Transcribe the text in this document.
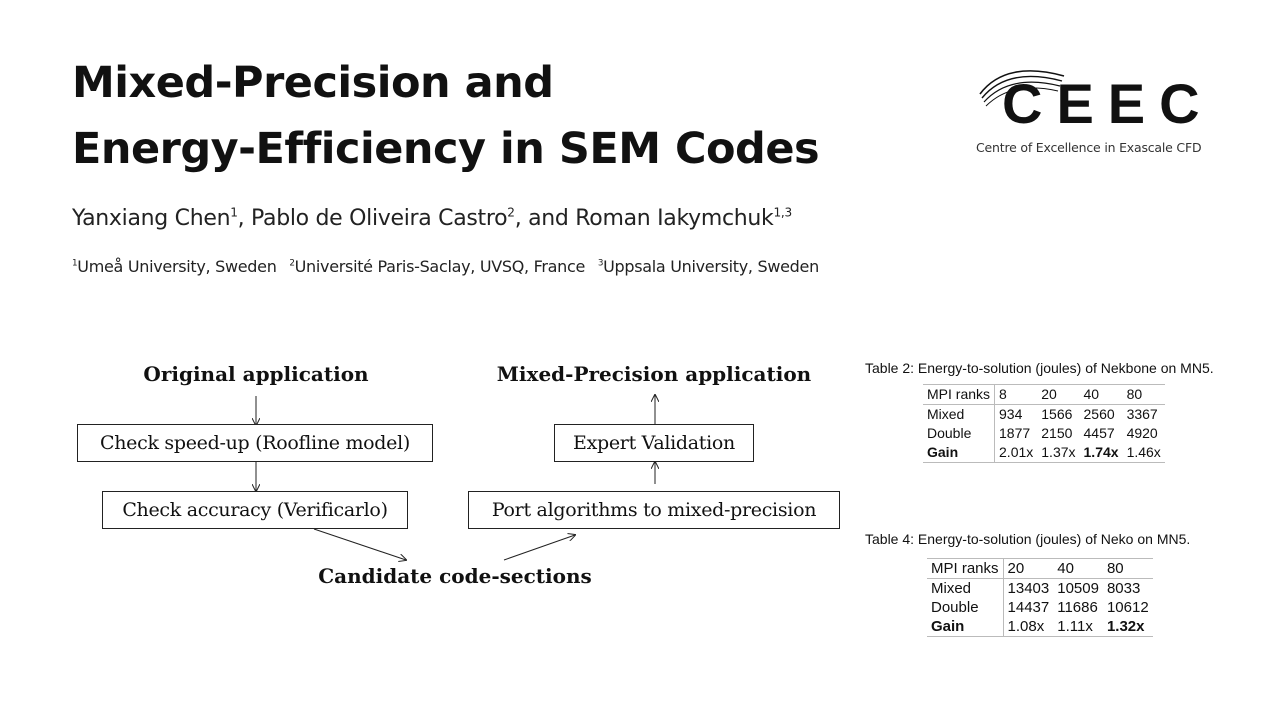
Mixed-Precision and
Energy-Efficiency in SEM Codes
CEEC
Centre of Excellence in Exascale CFD
Yanxiang Chen$^1$, Pablo de Oliveira Castro$^2$, and Roman Iakymchuk$^{1,3}$
$^1$Umeå University, Sweden $^2$Université Paris-Saclay, UVSQ, France $^3$Uppsala University, Sweden
Original application	Mixed-Precision application
Check speed-up (Roofline model)
Check accuracy (Verificarlo)
Expert Validation
Port algorithms to mixed-precision
Candidate code-sections
Table 2: Energy-to-solution (joules) of Nekbone on MN5.
MPI ranks	8	20	40	80
Mixed	934	1566	2560	3367
Double	1877	2150	4457	4920
Gain	2.01x	1.37x	1.74x	1.46x
Table 4: Energy-to-solution (joules) of Neko on MN5.
MPI ranks	20	40	80
Mixed	13403	10509	8033
Double	14437	11686	10612
Gain	1.08x	1.11x	1.32x
